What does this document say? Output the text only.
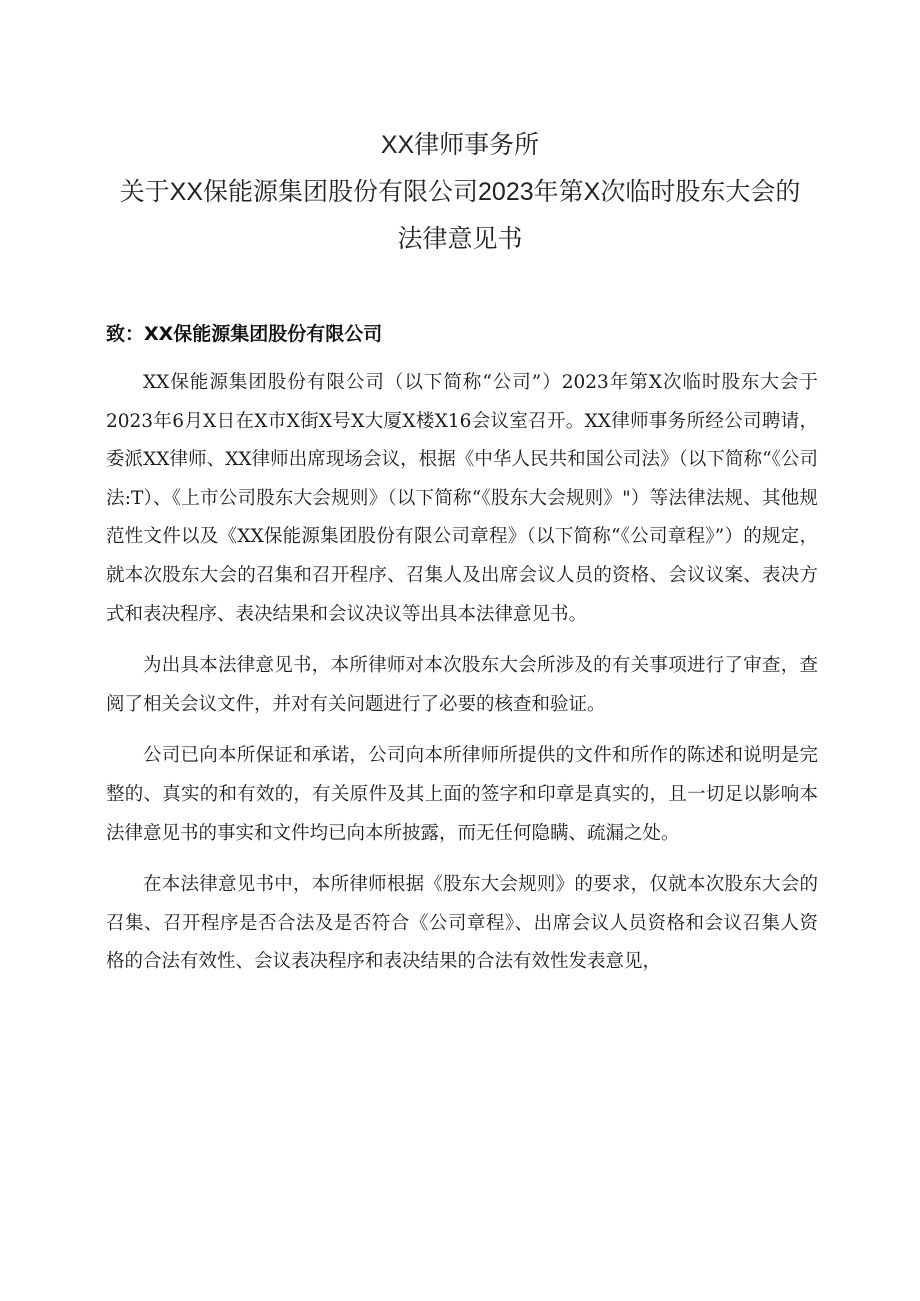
XX律师事务所
关于XX保能源集团股份有限公司2023年第X次临时股东大会的
法律意见书
致：XX保能源集团股份有限公司

XX保能源集团股份有限公司（以下简称“公司”）2023年第X次临时股东大会于2023年6月X日在X市X街X号X大厦X楼X16会议室召开。XX律师事务所经公司聘请，委派XX律师、XX律师出席现场会议，根据《中华人民共和国公司法》（以下简称“《公司法:T）、《上市公司股东大会规则》（以下简称“《股东大会规则》"）等法律法规、其他规范性文件以及《XX保能源集团股份有限公司章程》（以下简称“《公司章程》”）的规定，就本次股东大会的召集和召开程序、召集人及出席会议人员的资格、会议议案、表决方式和表决程序、表决结果和会议决议等出具本法律意见书。

为出具本法律意见书，本所律师对本次股东大会所涉及的有关事项进行了审查，查阅了相关会议文件，并对有关问题进行了必要的核查和验证。

公司已向本所保证和承诺，公司向本所律师所提供的文件和所作的陈述和说明是完整的、真实的和有效的，有关原件及其上面的签字和印章是真实的，且一切足以影响本法律意见书的事实和文件均已向本所披露，而无任何隐瞒、疏漏之处。

在本法律意见书中，本所律师根据《股东大会规则》的要求，仅就本次股东大会的召集、召开程序是否合法及是否符合《公司章程》、出席会议人员资格和会议召集人资格的合法有效性、会议表决程序和表决结果的合法有效性发表意见，
